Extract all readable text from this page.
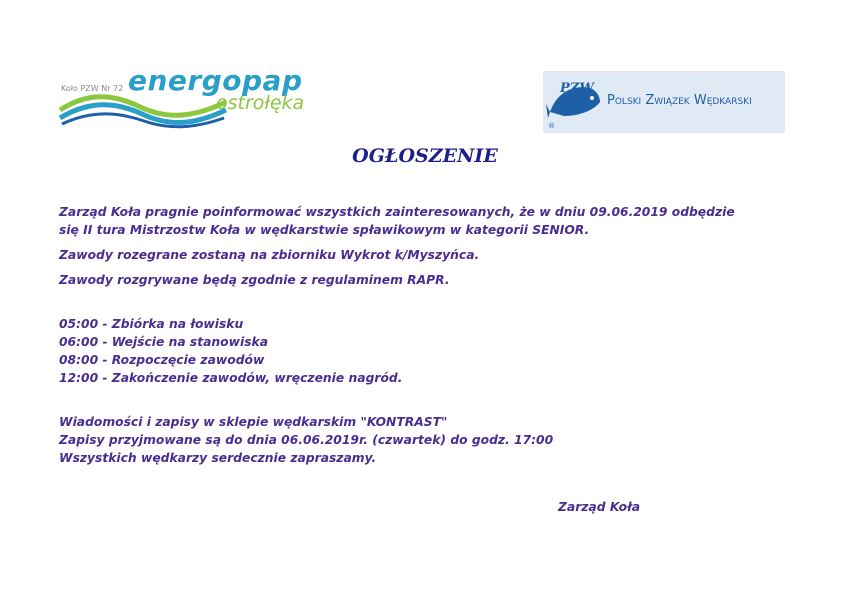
Koło PZW Nr 72 energopap
ostrołęka
PZW
®
Polski Związek Wędkarski
OGŁOSZENIE

Zarząd Koła pragnie poinformować wszystkich zainteresowanych, że w dniu 09.06.2019 odbędzie

się II tura Mistrzostw Koła w wędkarstwie spławikowym w kategorii SENIOR.

Zawody rozegrane zostaną na zbiorniku Wykrot k/Myszyńca.

Zawody rozgrywane będą zgodnie z regulaminem RAPR.

05:00 - Zbiórka na łowisku

06:00 - Wejście na stanowiska

08:00 - Rozpoczęcie zawodów

12:00 - Zakończenie zawodów, wręczenie nagród.

Wiadomości i zapisy w sklepie wędkarskim "KONTRAST"

Zapisy przyjmowane są do dnia 06.06.2019r. (czwartek) do godz. 17:00

Wszystkich wędkarzy serdecznie zapraszamy.

Zarząd Koła
